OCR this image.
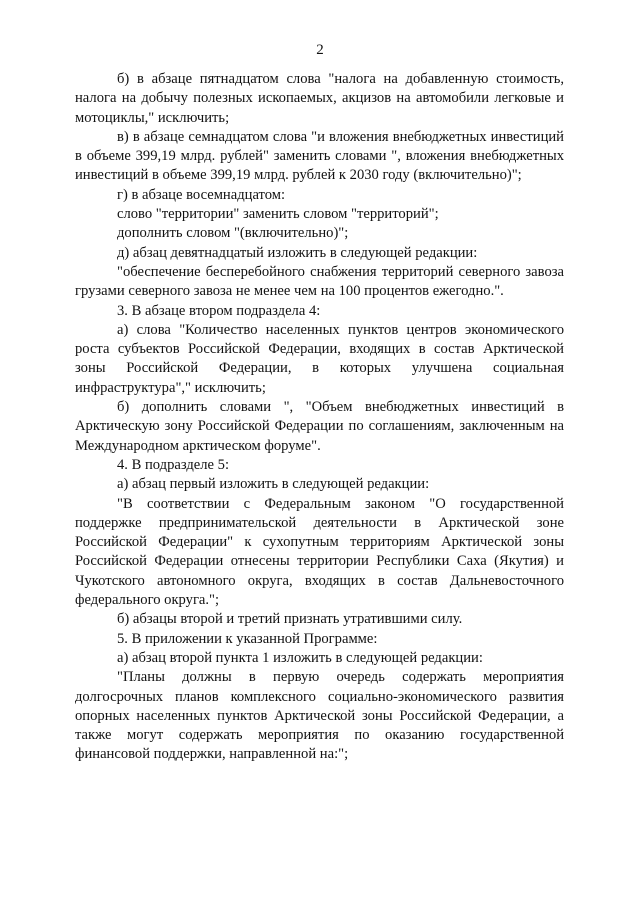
2

б) в абзаце пятнадцатом слова "налога на добавленную стоимость, налога на добычу полезных ископаемых, акцизов на автомобили легковые и мотоциклы," исключить;

в) в абзаце семнадцатом слова "и вложения внебюджетных инвестиций в объеме 399,19 млрд. рублей" заменить словами ", вложения внебюджетных инвестиций в объеме 399,19 млрд. рублей к 2030 году (включительно)";

г) в абзаце восемнадцатом:

слово "территории" заменить словом "территорий";

дополнить словом "(включительно)";

д) абзац девятнадцатый изложить в следующей редакции:

"обеспечение бесперебойного снабжения территорий северного завоза грузами северного завоза не менее чем на 100 процентов ежегодно.".

3. В абзаце втором подраздела 4:

а) слова "Количество населенных пунктов центров экономического роста субъектов Российской Федерации, входящих в состав Арктической зоны Российской Федерации, в которых улучшена социальная инфраструктура"," исключить;

б) дополнить словами ", "Объем внебюджетных инвестиций в Арктическую зону Российской Федерации по соглашениям, заключенным на Международном арктическом форуме".

4. В подразделе 5:

а) абзац первый изложить в следующей редакции:

"В соответствии с Федеральным законом "О государственной поддержке предпринимательской деятельности в Арктической зоне Российской Федерации" к сухопутным территориям Арктической зоны Российской Федерации отнесены территории Республики Саха (Якутия) и Чукотского автономного округа, входящих в состав Дальневосточного федерального округа.";

б) абзацы второй и третий признать утратившими силу.

5. В приложении к указанной Программе:

а) абзац второй пункта 1 изложить в следующей редакции:

"Планы должны в первую очередь содержать мероприятия долгосрочных планов комплексного социально-экономического развития опорных населенных пунктов Арктической зоны Российской Федерации, а также могут содержать мероприятия по оказанию государственной финансовой поддержки, направленной на:";
